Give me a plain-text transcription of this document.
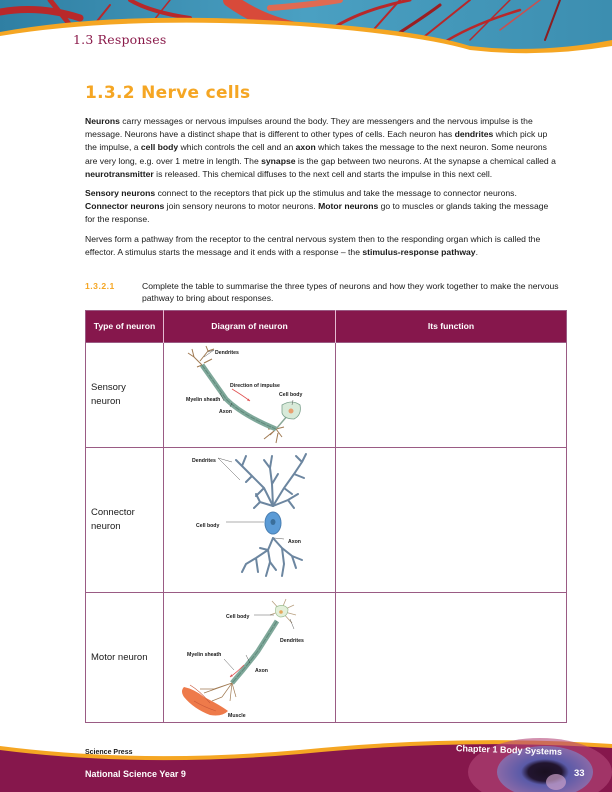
1.3 Responses
1.3.2 Nerve cells

Neurons carry messages or nervous impulses around the body. They are messengers and the nervous impulse is the message. Neurons have a distinct shape that is different to other types of cells. Each neuron has dendrites which pick up the impulse, a cell body which controls the cell and an axon which takes the message to the next neuron. Some neurons are very long, e.g. over 1 metre in length. The synapse is the gap between two neurons. At the synapse a chemical called a neurotransmitter is released. This chemical diffuses to the next cell and starts the impulse in this next cell.

Sensory neurons connect to the receptors that pick up the stimulus and take the message to connector neurons. Connector neurons join sensory neurons to motor neurons. Motor neurons go to muscles or glands taking the message for the response.

Nerves form a pathway from the receptor to the central nervous system then to the responding organ which is called the effector. A stimulus starts the message and it ends with a response – the stimulus-response pathway.

1.3.2.1	Complete the table to summarise the three types of neurons and how they work together to make the nervous pathway to bring about responses.
Type of neuron	Diagram of neuron	Its function

Sensory neuron	Dendrites
Direction of impulse
Cell body
Myelin sheath
Axon	

Connector neuron	Dendrites
Cell body
Axon	

Motor neuron	Cell body
Dendrites
Myelin sheath
Axon
Muscle	

Science Press
National Science Year 9
Chapter 1 Body Systems
33
